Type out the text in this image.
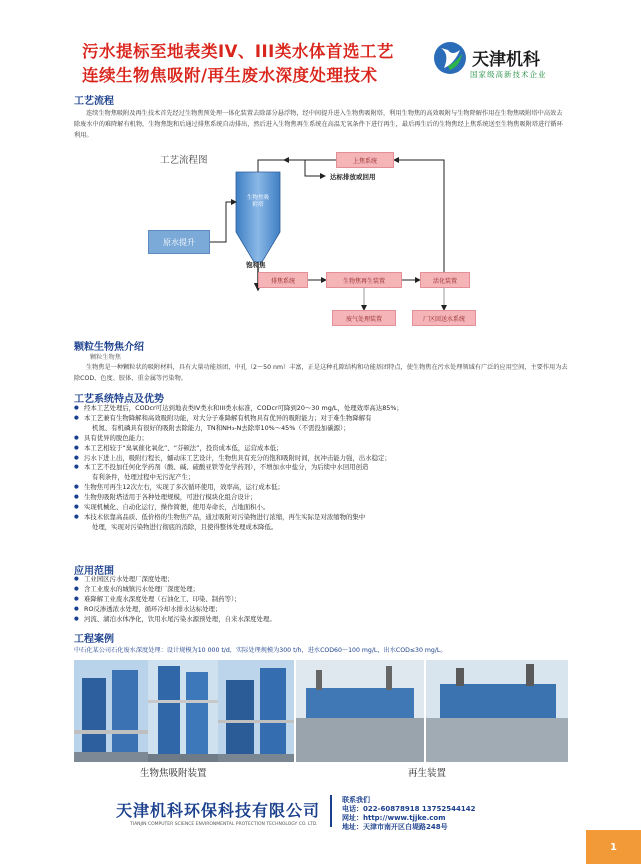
污水提标至地表类IV、III类水体首选工艺
连续生物焦吸附/再生废水深度处理技术
天津机科
国家级高新技术企业
工艺流程
连续生物焦吸附及再生技术首先经过生物焦预处理一体化装置去除部分悬浮物，经中间提升进入生物焦吸附塔，利用生物焦的高效吸附与生物降解作用在生物焦吸附塔中高效去除废水中的难降解有机物，生物焦饱和后通过排焦系统自动排出，然后进入生物焦再生系统在高温无氧条件下进行再生，最后再生后的生物焦经上焦系统送至生物焦吸附塔进行循环利用。
工艺流程图
生物焦吸附塔
原水提升
上焦系统
达标排放或回用
饱和焦
排焦系统	生物焦再生装置	活化装置
废气处理装置	厂区回送水系统
颗粒生物焦介绍
颗粒生物焦
生物焦是一种颗粒状的吸附材料，具有大量功能基团，中孔（2～50 nm）丰富，正是这种孔隙结构和功能基团特点，使生物焦在污水处理领域有广泛的应用空间，主要作用为去除COD、色度、胶体、重金属等污染物。
工艺系统特点及优势
● 经本工艺处理后，CODcr可达到地表类IV类水和III类水标准，CODcr可降到20～30 mg/L，处理效率高达85%；
● 本工艺兼有生物降解和高效吸附功能，对大分子难降解有机物具有优异的吸附能力；对于难生物降解有
机氮、有机磷具有很好的吸附去除能力，TN和NH₃-N去除率10%～45%（不需投加碳源）；
● 具有优异的脱色能力；
● 本工艺相较于“臭氧催化氧化”、“芬顿法”，投资成本低，运营成本低；
● 污水下进上出，吸附行程长，蠕动床工艺设计，生物焦具有充分的饱和吸附时间，抗冲击能力强，出水稳定；
● 本工艺不投加任何化学药剂（酸、碱、硫酸亚铁等化学药剂），不增加水中盐分，为后续中水回用创造
有利条件，处理过程中无污泥产生；
● 生物焦可再生12次左右，实现了多次循环使用，效率高，运行成本低；
● 生物焦吸附塔适用于各种处理规模，可进行模块化组合设计；
● 实现机械化、自动化运行，操作简便，使用寿命长，占地面积小。
● 本技术依靠高品质、低价格的生物焦产品，通过吸附对污染物进行浓缩，再生实际是对浓缩物的集中
处理，实现对污染物进行彻底的消除，且使得整体处理成本降低。
应用范围
● 工业园区污水处理厂深度处理；
● 含工业废水的城镇污水处理厂深度处理；
● 难降解工业废水深度处理（石油化工、印染、制药等）；
● RO反渗透浓水处理，循环冷却水排水达标处理；
● 河流、湖泊水体净化，饮用水尾污染水源预处理，自来水深度处理。
工程案例
中石化某公司石化废水深度处理：设计规模为10 000 t/d，实际处理规模为300 t/h，进水COD60～100 mg/L，出水COD≤30 mg/L。
生物焦吸附装置	再生装置
天津机科环保科技有限公司
TIANJIN COMPUTER SCIENCE ENVIRONMENTAL PROTECTION TECHNOLOGY CO. LTD.
联系我们
电话：022-60878918 13752544142
网址：http://www.tjjke.com
地址：天津市南开区白堤路248号
1
